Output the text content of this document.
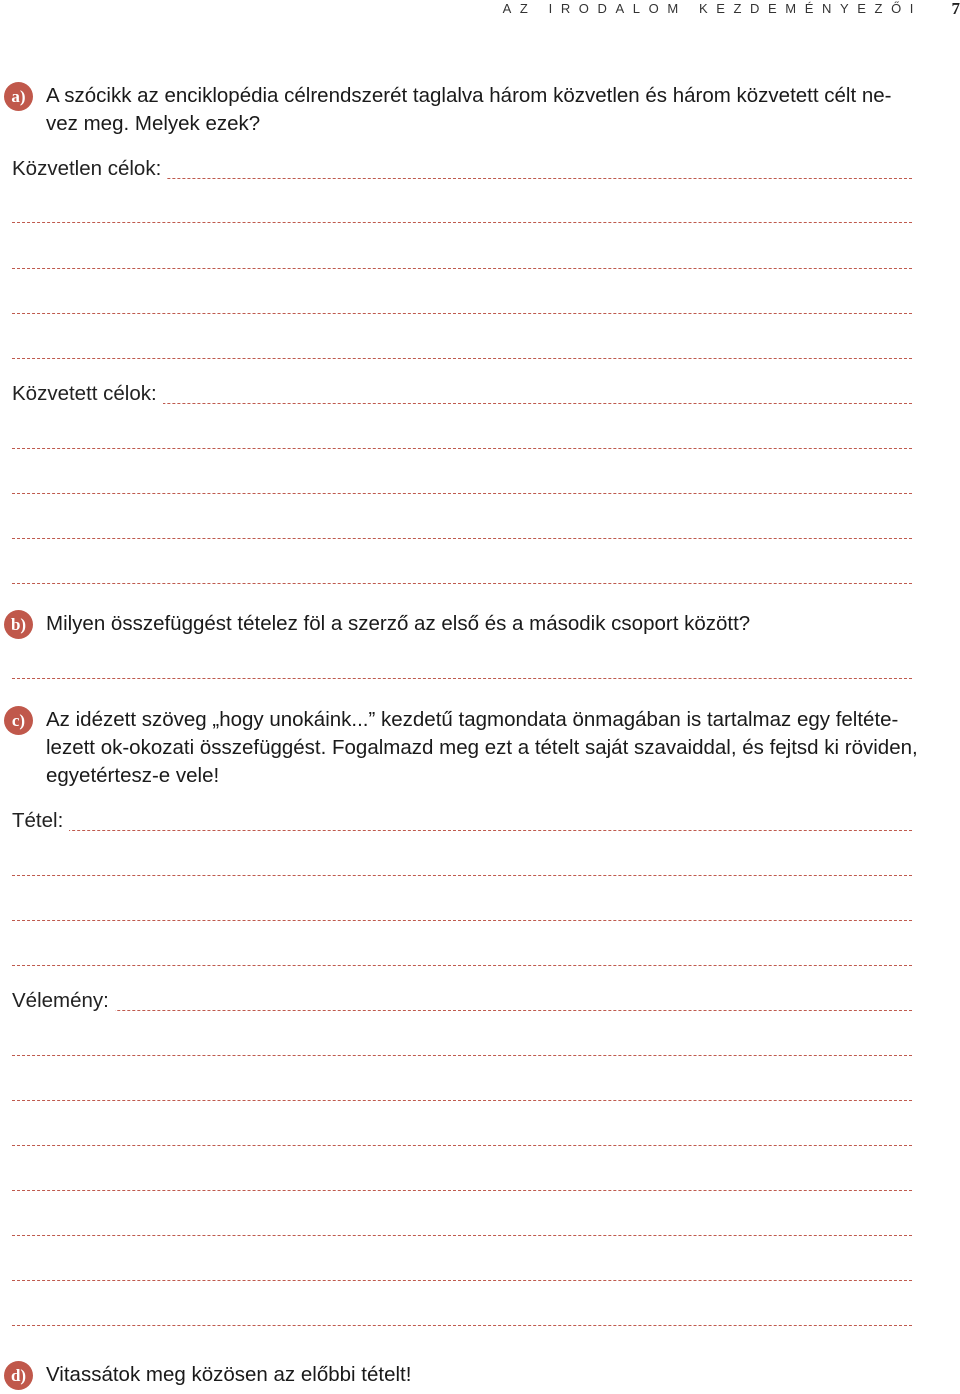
AZ IRODALOM KEZDEMÉNYEZŐI 7
a) A szócikk az enciklopédia célrendszerét taglalva három közvetlen és három közvetett célt ne-
vez meg. Melyek ezek?
Közvetlen célok:
Közvetett célok:
b) Milyen összefüggést tételez föl a szerző az első és a második csoport között?
c)	Az idézett szöveg „hogy unokáink...” kezdetű tagmondata önmagában is tartalmaz egy feltéte-
lezett ok-okozati összefüggést. Fogalmazd meg ezt a tételt saját szavaiddal, és fejtsd ki röviden,
egyetértesz-e vele!
Tétel:
Vélemény:
d) Vitassátok meg közösen az előbbi tételt!
